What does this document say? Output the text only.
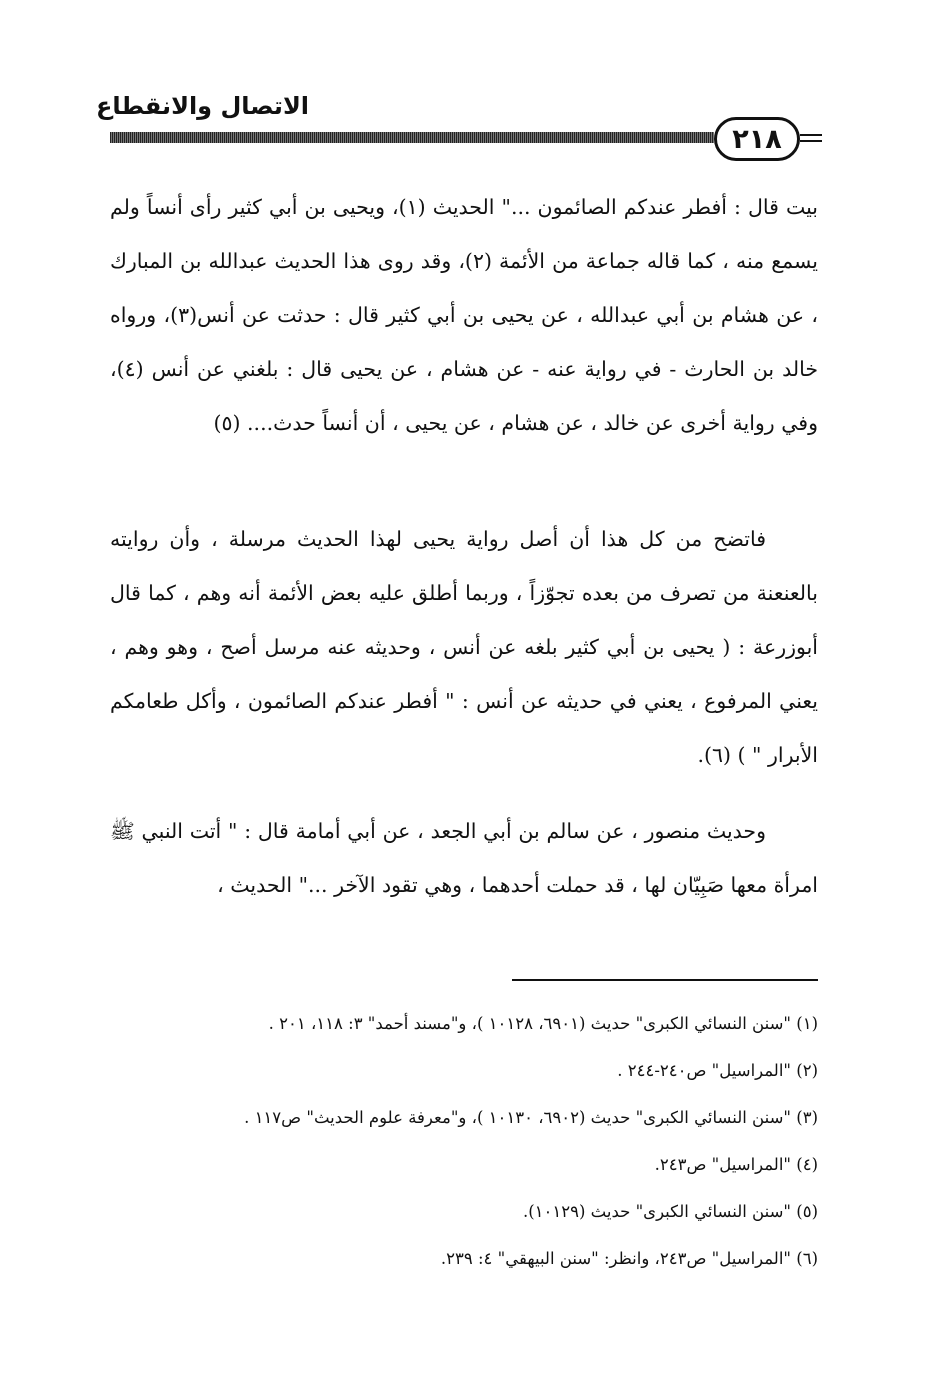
الاتصال والانقطاع
٢١٨

بيت قال : أفطر عندكم الصائمون ..." الحديث (١)، ويحيى بن أبي كثير رأى أنساً ولم يسمع منه ، كما قاله جماعة من الأئمة (٢)، وقد روى هذا الحديث عبدالله بن المبارك ، عن هشام بن أبي عبدالله ، عن يحيى بن أبي كثير قال : حدثت عن أنس(٣)، ورواه خالد بن الحارث - في رواية عنه - عن هشام ، عن يحيى قال : بلغني عن أنس (٤)، وفي رواية أخرى عن خالد ، عن هشام ، عن يحيى ، أن أنساً حدث.... (٥)

فاتضح من كل هذا أن أصل رواية يحيى لهذا الحديث مرسلة ، وأن روايته بالعنعنة من تصرف من بعده تجوّزاً ، وربما أطلق عليه بعض الأئمة أنه وهم ، كما قال أبوزرعة : ( يحيى بن أبي كثير بلغه عن أنس ، وحديثه عنه مرسل أصح ، وهو وهم ، يعني المرفوع ، يعني في حديثه عن أنس : " أفطر عندكم الصائمون ، وأكل طعامكم الأبرار " ) (٦).

وحديث منصور ، عن سالم بن أبي الجعد ، عن أبي أمامة قال : " أتت النبي ﷺ امرأة معها صَبِيّان لها ، قد حملت أحدهما ، وهي تقود الآخر ..." الحديث ،

(١) "سنن النسائي الكبرى" حديث (٦٩٠١، ١٠١٢٨ )، و"مسند أحمد" ٣: ١١٨، ٢٠١ .
(٢) "المراسيل" ص٢٤٠-٢٤٤ .
(٣) "سنن النسائي الكبرى" حديث (٦٩٠٢، ١٠١٣٠ )، و"معرفة علوم الحديث" ص١١٧ .
(٤) "المراسيل" ص٢٤٣.
(٥) "سنن النسائي الكبرى" حديث (١٠١٢٩).
(٦) "المراسيل" ص٢٤٣، وانظر: "سنن البيهقي" ٤: ٢٣٩.
